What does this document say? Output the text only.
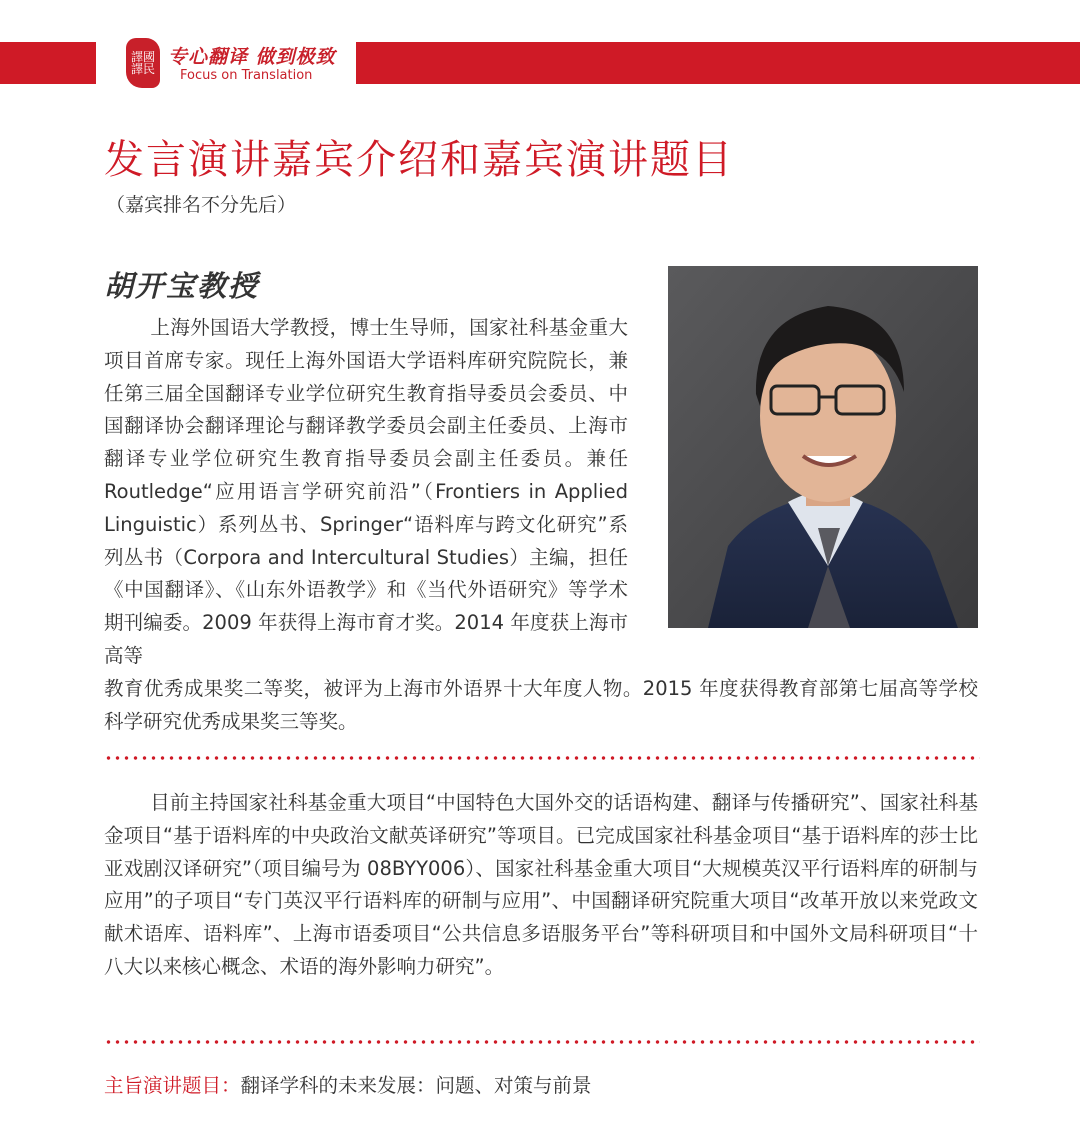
譯國譯民
专心翻译 做到极致
Focus on Translation
发言演讲嘉宾介绍和嘉宾演讲题目
（嘉宾排名不分先后）
胡开宝教授

上海外国语大学教授，博士生导师，国家社科基金重大项目首席专家。现任上海外国语大学语料库研究院院长，兼任第三届全国翻译专业学位研究生教育指导委员会委员、中国翻译协会翻译理论与翻译教学委员会副主任委员、上海市翻译专业学位研究生教育指导委员会副主任委员。兼任 Routledge“应用语言学研究前沿”（Frontiers in Applied Linguistic）系列丛书、Springer“语料库与跨文化研究”系列丛书（Corpora and Intercultural Studies）主编，担任《中国翻译》、《山东外语教学》和《当代外语研究》等学术期刊编委。2009 年获得上海市育才奖。2014 年度获上海市高等

教育优秀成果奖二等奖，被评为上海市外语界十大年度人物。2015 年度获得教育部第七届高等学校科学研究优秀成果奖三等奖。

目前主持国家社科基金重大项目“中国特色大国外交的话语构建、翻译与传播研究”、国家社科基金项目“基于语料库的中央政治文献英译研究”等项目。已完成国家社科基金项目“基于语料库的莎士比亚戏剧汉译研究”（项目编号为 08BYY006）、国家社科基金重大项目“大规模英汉平行语料库的研制与应用”的子项目“专门英汉平行语料库的研制与应用”、中国翻译研究院重大项目“改革开放以来党政文献术语库、语料库”、上海市语委项目“公共信息多语服务平台”等科研项目和中国外文局科研项目“十八大以来核心概念、术语的海外影响力研究”。

主旨演讲题目：翻译学科的未来发展：问题、对策与前景
